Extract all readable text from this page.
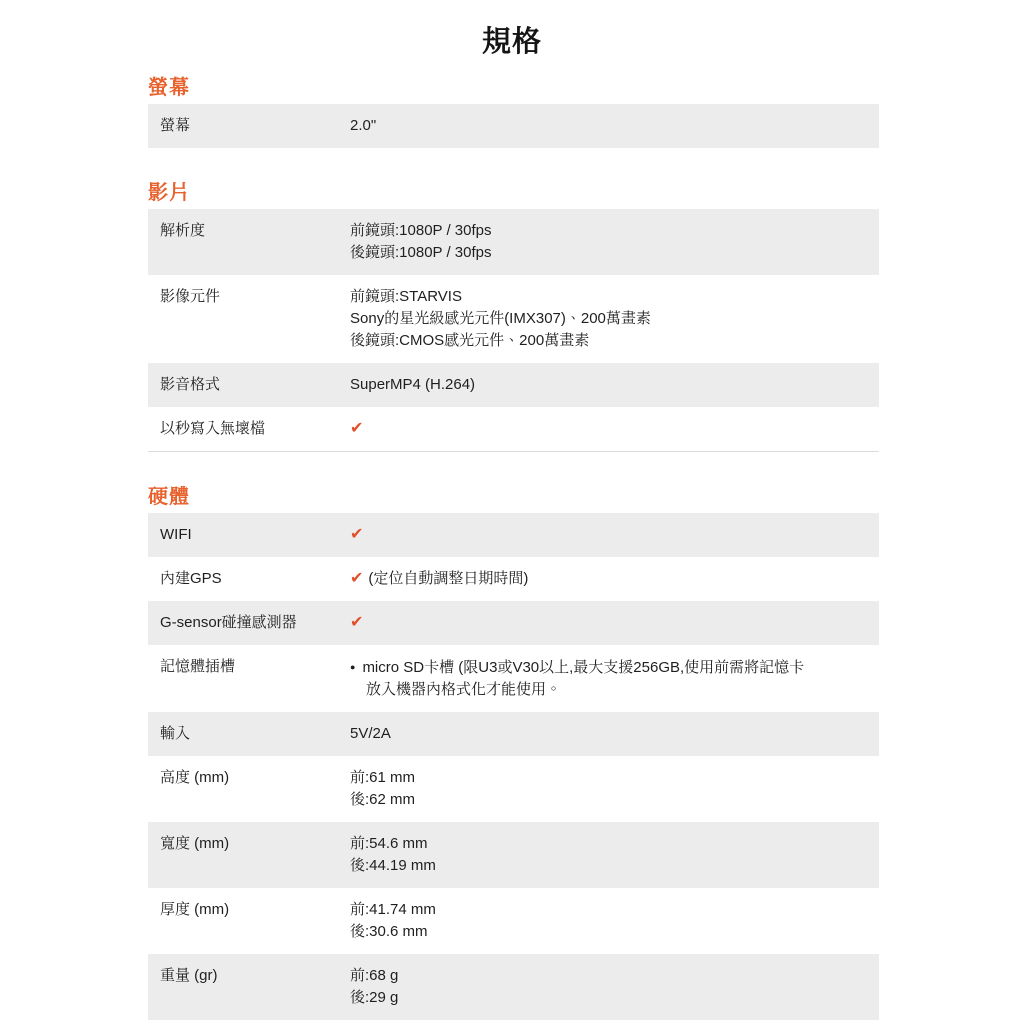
規格
螢幕
螢幕	2.0"
影片
解析度	前鏡頭:1080P / 30fps
後鏡頭:1080P / 30fps
影像元件	前鏡頭:STARVIS
Sony的星光級感光元件(IMX307)、200萬畫素
後鏡頭:CMOS感光元件、200萬畫素
影音格式	SuperMP4 (H.264)
以秒寫入無壞檔	✔
硬體
WIFI	✔
內建GPS	✔ (定位自動調整日期時間)
G-sensor碰撞感測器	✔
記憶體插槽	● micro SD卡槽 (限U3或V30以上,最大支援256GB,使用前需將記憶卡
放入機器內格式化才能使用。
輸入	5V/2A
高度 (mm)	前:61 mm
後:62 mm
寬度 (mm)	前:54.6 mm
後:44.19 mm
厚度 (mm)	前:41.74 mm
後:30.6 mm
重量 (gr)	前:68 g
後:29 g
